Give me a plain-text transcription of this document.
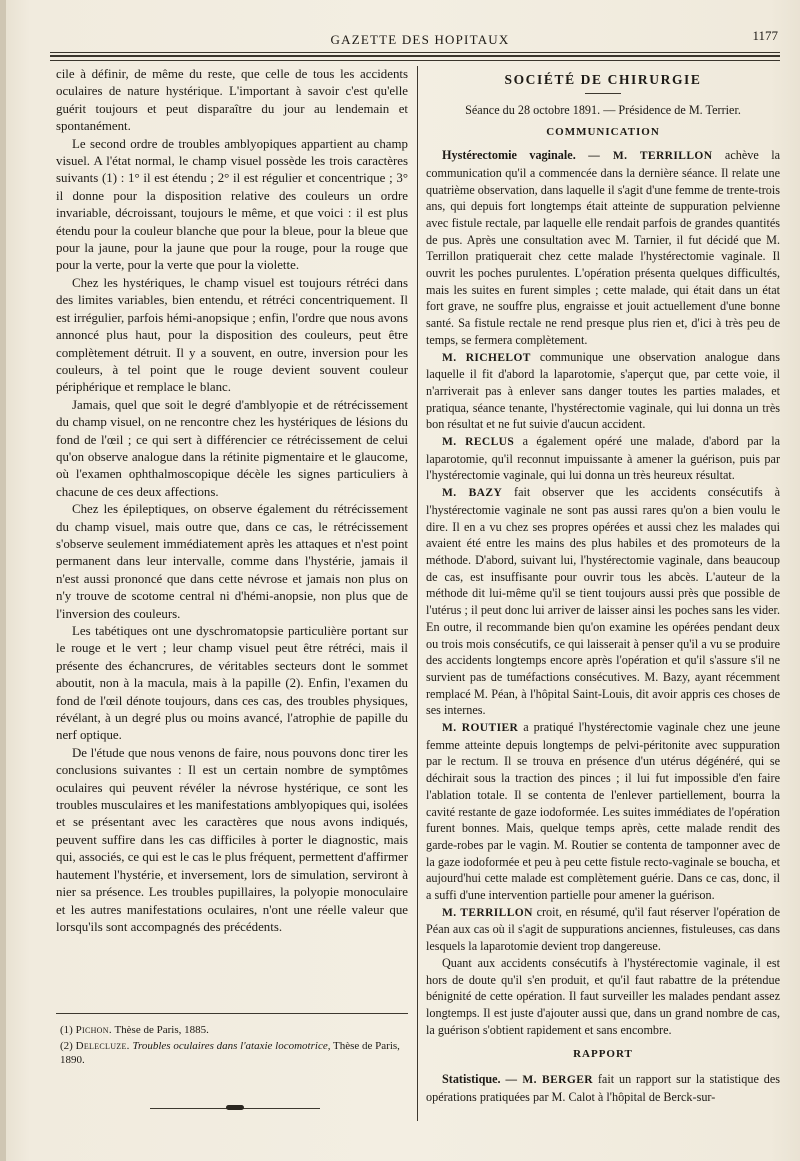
GAZETTE DES HOPITAUX	1177

cile à définir, de même du reste, que celle de tous les accidents oculaires de nature hystérique. L'important à savoir c'est qu'elle guérit toujours et peut disparaître du jour au lendemain et spontanément.

Le second ordre de troubles amblyopiques appartient au champ visuel. A l'état normal, le champ visuel possède les trois caractères suivants (1) : 1° il est étendu ; 2° il est régulier et concentrique ; 3° il donne pour la disposition relative des couleurs un ordre invariable, décroissant, toujours le même, et que voici : il est plus étendu pour la couleur blanche que pour la bleue, pour la bleue que pour la jaune, pour la jaune que pour la rouge, pour la rouge que pour la verte, pour la verte que pour la violette.

Chez les hystériques, le champ visuel est toujours rétréci dans des limites variables, bien entendu, et rétréci concentriquement. Il est irrégulier, parfois hémi-anopsique ; enfin, l'ordre que nous avons annoncé plus haut, pour la disposition des couleurs, peut être complètement détruit. Il y a souvent, en outre, inversion pour les couleurs, à tel point que le rouge devient souvent couleur périphérique et remplace le blanc.

Jamais, quel que soit le degré d'amblyopie et de rétrécissement du champ visuel, on ne rencontre chez les hystériques de lésions du fond de l'œil ; ce qui sert à différencier ce rétrécissement de celui qu'on observe analogue dans la rétinite pigmentaire et le glaucome, où l'examen ophthalmoscopique décèle les signes particuliers à chacune de ces deux affections.

Chez les épileptiques, on observe également du rétrécissement du champ visuel, mais outre que, dans ce cas, le rétrécissement s'observe seulement immédiatement après les attaques et n'est point permanent dans leur intervalle, comme dans l'hystérie, jamais il n'est aussi prononcé que dans cette névrose et jamais non plus on n'y trouve de scotome central ni d'hémi-anopsie, non plus que de l'inversion des couleurs.

Les tabétiques ont une dyschromatopsie particulière portant sur le rouge et le vert ; leur champ visuel peut être rétréci, mais il présente des échancrures, de véritables secteurs dont le sommet aboutit, non à la macula, mais à la papille (2). Enfin, l'examen du fond de l'œil dénote toujours, dans ces cas, des troubles physiques, révélant, à un degré plus ou moins avancé, l'atrophie de papille du nerf optique.

De l'étude que nous venons de faire, nous pouvons donc tirer les conclusions suivantes : Il est un certain nombre de symptômes oculaires qui peuvent révéler la névrose hystérique, ce sont les troubles musculaires et les manifestations amblyopiques qui, isolées et se présentant avec les caractères que nous avons indiqués, peuvent suffire dans les cas difficiles à porter le diagnostic, mais qui, associés, ce qui est le cas le plus fréquent, permettent d'affirmer hautement l'hystérie, et inversement, lors de simulation, serviront à nier sa présence. Les troubles pupillaires, la polyopie monoculaire et les autres manifestations oculaires, n'ont une réelle valeur que lorsqu'ils sont accompagnés des précédents.

(1) Pichon. Thèse de Paris, 1885.

(2) Delecluze. Troubles oculaires dans l'ataxie locomotrice, Thèse de Paris, 1890.

SOCIÉTÉ DE CHIRURGIE

Séance du 28 octobre 1891. — Présidence de M. Terrier.

COMMUNICATION

Hystérectomie vaginale. — M. TERRILLON achève la communication qu'il a commencée dans la dernière séance. Il relate une quatrième observation, dans laquelle il s'agit d'une femme de trente-trois ans, qui depuis fort longtemps était atteinte de suppuration pelvienne avec fistule rectale, par laquelle elle rendait parfois de grandes quantités de pus. Après une consultation avec M. Tarnier, il fut décidé que M. Terrillon pratiquerait chez cette malade l'hystérectomie vaginale. Il ouvrit les poches purulentes. L'opération présenta quelques difficultés, mais les suites en furent simples ; cette malade, qui était dans un état fort grave, ne souffre plus, engraisse et jouit actuellement d'une bonne santé. Sa fistule rectale ne rend presque plus rien et, d'ici à très peu de temps, se fermera complètement.

M. RICHELOT communique une observation analogue dans laquelle il fit d'abord la laparotomie, s'aperçut que, par cette voie, il n'arriverait pas à enlever sans danger toutes les parties malades, et pratiqua, séance tenante, l'hystérectomie vaginale, qui lui donna un très bon résultat et ne fut suivie d'aucun accident.

M. RECLUS a également opéré une malade, d'abord par la laparotomie, qu'il reconnut impuissante à amener la guérison, puis par l'hystérectomie vaginale, qui lui donna un très heureux résultat.

M. BAZY fait observer que les accidents consécutifs à l'hystérectomie vaginale ne sont pas aussi rares qu'on a bien voulu le dire. Il en a vu chez ses propres opérées et aussi chez les malades qui avaient été entre les mains des plus habiles et des promoteurs de la méthode. D'abord, suivant lui, l'hystérectomie vaginale, dans beaucoup de cas, est insuffisante pour ouvrir tous les abcès. L'auteur de la méthode dit lui-même qu'il se tient toujours aussi près que possible de l'utérus ; il peut donc lui arriver de laisser ainsi les poches sans les vider. En outre, il recommande bien qu'on examine les opérées pendant deux ou trois mois consécutifs, ce qui laisserait à penser qu'il a vu se produire des accidents longtemps encore après l'opération et qu'il s'assure s'il ne survient pas de tuméfactions consécutives. M. Bazy, ayant récemment remplacé M. Péan, à l'hôpital Saint-Louis, dit avoir appris ces choses de ses internes.

M. ROUTIER a pratiqué l'hystérectomie vaginale chez une jeune femme atteinte depuis longtemps de pelvi-péritonite avec suppuration par le rectum. Il se trouva en présence d'un utérus dégénéré, qui se déchirait sous la traction des pinces ; il lui fut impossible d'en faire l'ablation totale. Il se contenta de l'enlever partiellement, bourra la cavité restante de gaze iodoformée. Les suites immédiates de l'opération furent bonnes. Mais, quelque temps après, cette malade rendit des garde-robes par le vagin. M. Routier se contenta de tamponner avec de la gaze iodoformée et peu à peu cette fistule recto-vaginale se boucha, et aujourd'hui cette malade est complètement guérie. Dans ce cas, donc, il a suffi d'une intervention partielle pour amener la guérison.

M. TERRILLON croit, en résumé, qu'il faut réserver l'opération de Péan aux cas où il s'agit de suppurations anciennes, fistuleuses, cas dans lesquels la laparotomie devient trop dangereuse.

Quant aux accidents consécutifs à l'hystérectomie vaginale, il est hors de doute qu'il s'en produit, et qu'il faut rabattre de la prétendue bénignité de cette opération. Il faut surveiller les malades pendant assez longtemps. Il est juste d'ajouter aussi que, dans un grand nombre de cas, la guérison s'obtient rapidement et sans encombre.

RAPPORT

Statistique. — M. BERGER fait un rapport sur la statistique des opérations pratiquées par M. Calot à l'hôpital de Berck-sur-
